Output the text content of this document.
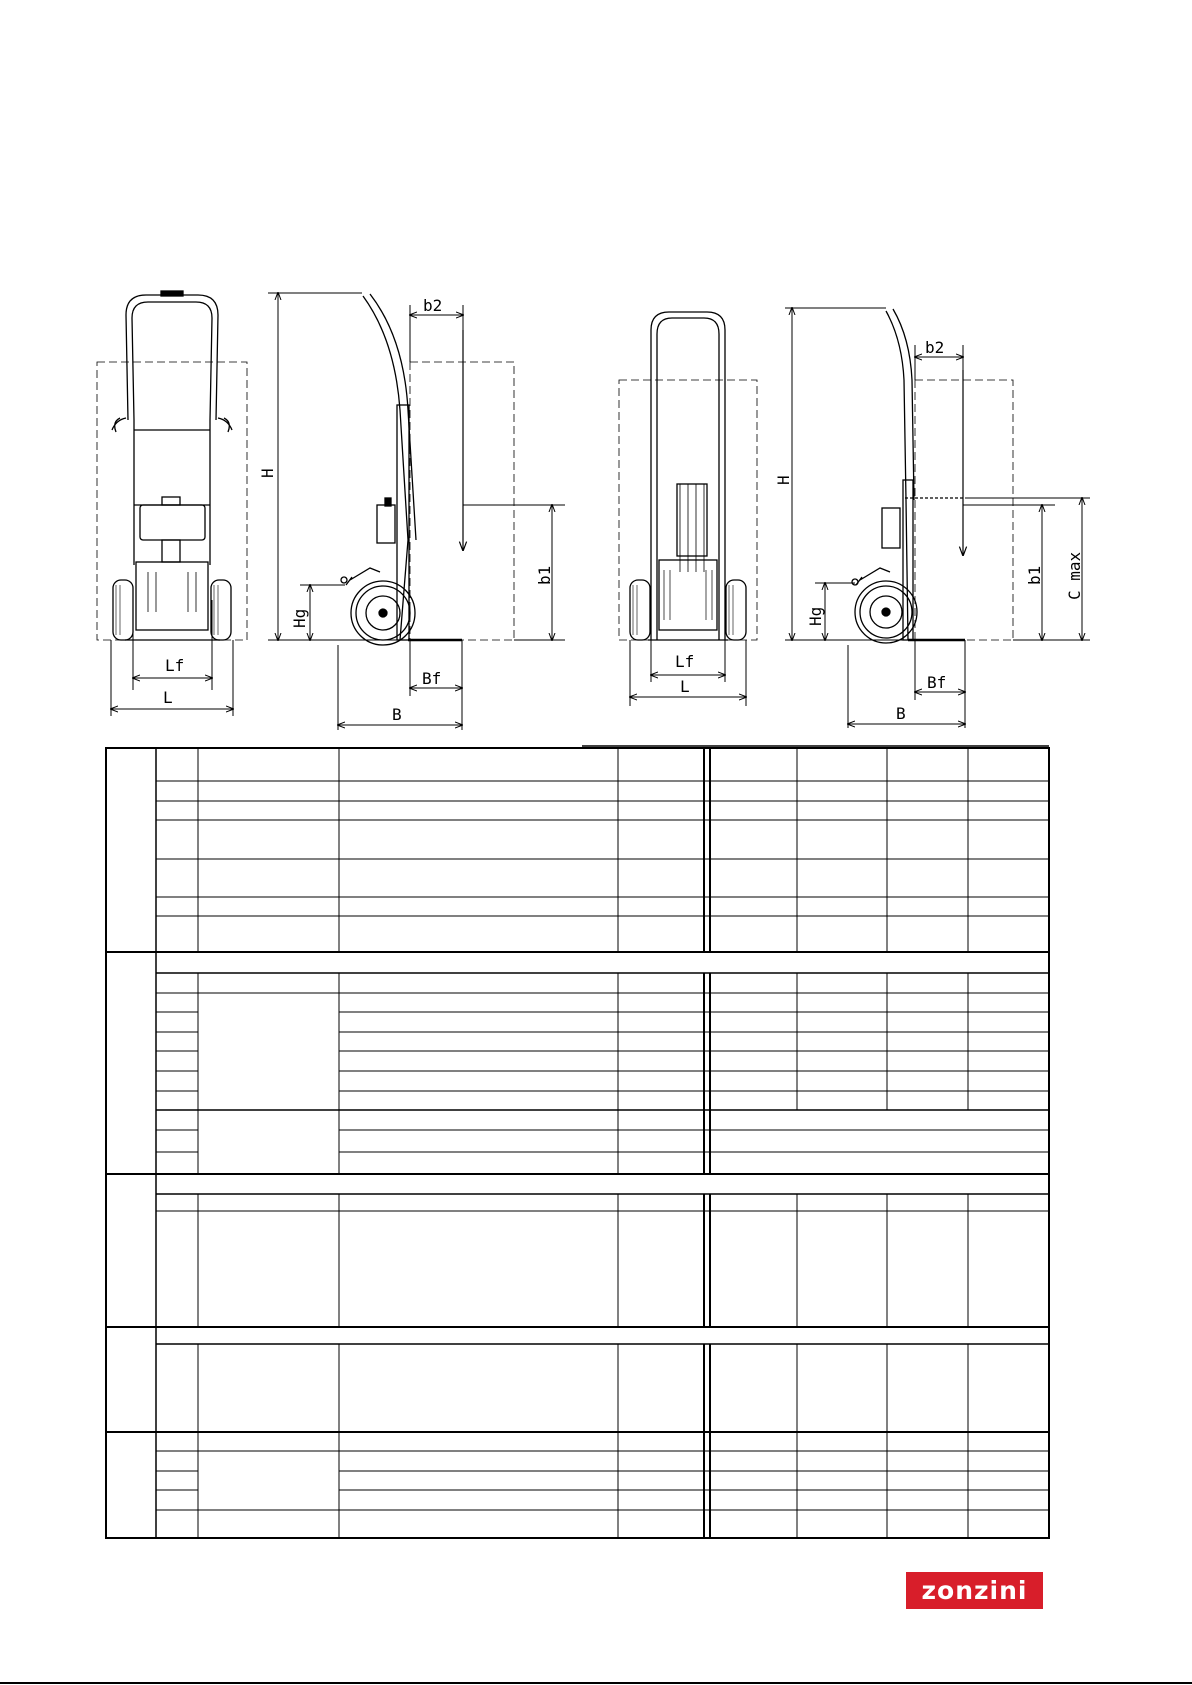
Lf
L
H
Hg
b2
b1
Bf
B
Lf
L
H
Hg
b2
b1 C max
Bf
B
zonzini
